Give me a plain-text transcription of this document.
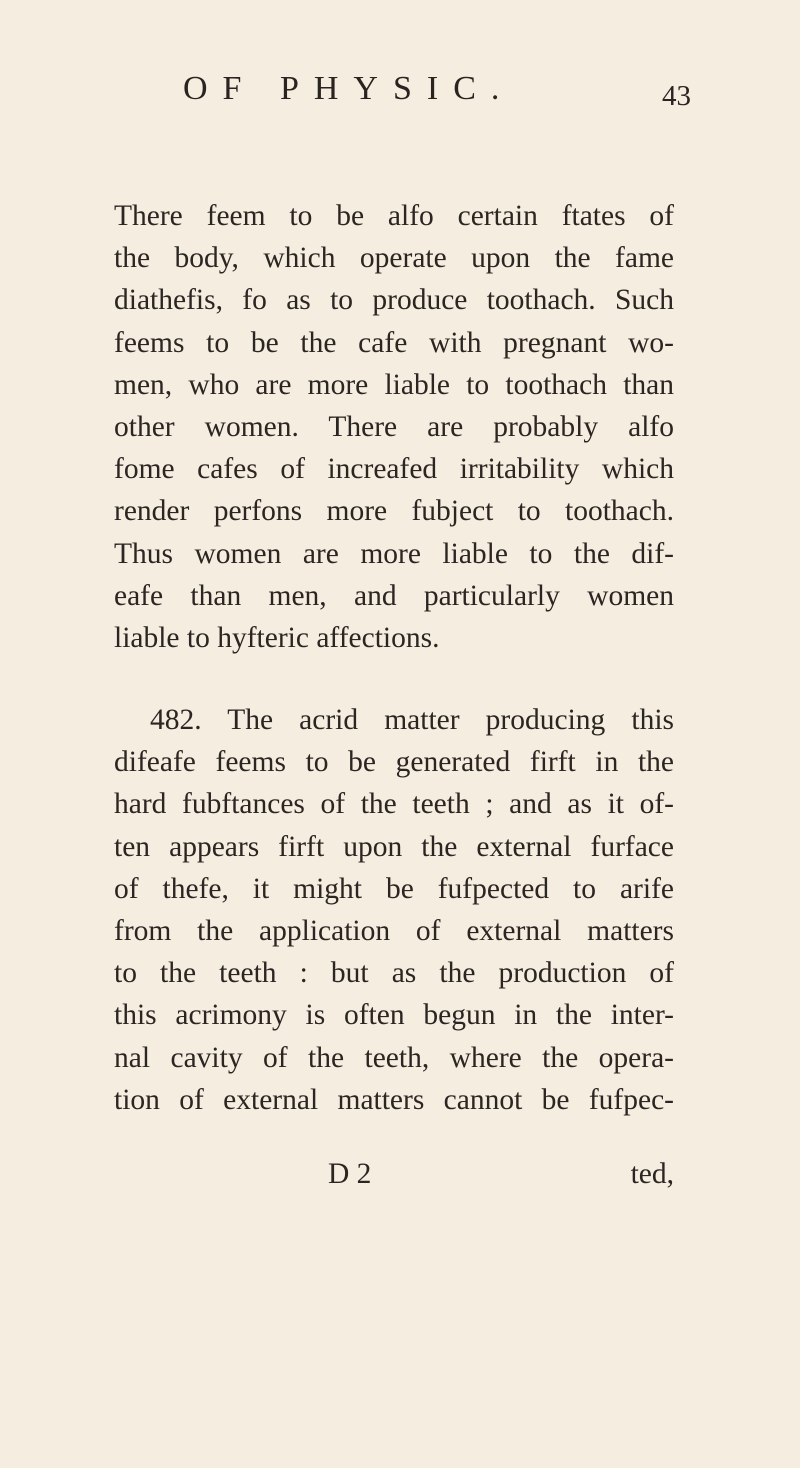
OF PHYSIC.	43
There feem to be alfo certain ftates of
the body, which operate upon the fame
diathefis, fo as to produce toothach. Such
feems to be the cafe with pregnant wo-
men, who are more liable to toothach than
other women. There are probably alfo
fome cafes of increafed irritability which
render perfons more fubject to toothach.
Thus women are more liable to the dif-
eafe than men, and particularly women
liable to hyfteric affections.
482. The acrid matter producing this
difeafe feems to be generated firft in the
hard fubftances of the teeth ; and as it of-
ten appears firft upon the external furface
of thefe, it might be fufpected to arife
from the application of external matters
to the teeth : but as the production of
this acrimony is often begun in the inter-
nal cavity of the teeth, where the opera-
tion of external matters cannot be fufpec-
D 2	ted,
